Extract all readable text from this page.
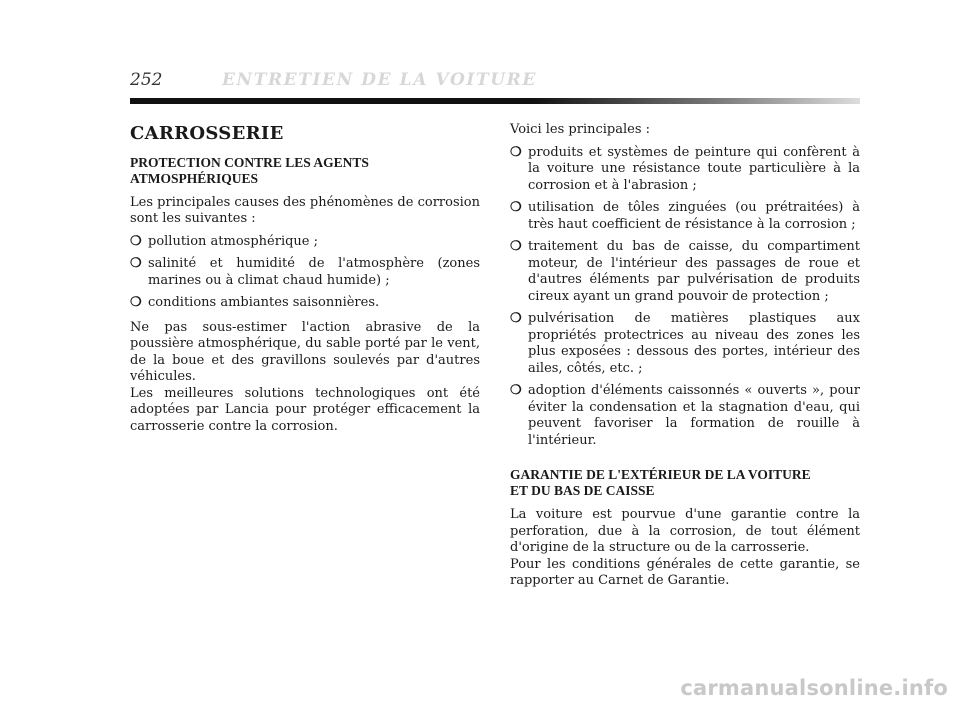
252	ENTRETIEN DE LA VOITURE
CARROSSERIE
PROTECTION CONTRE LES AGENTS
ATMOSPHÉRIQUES

Les principales causes des phénomènes de corrosion sont les suivantes :

❍ pollution atmosphérique ;
❍ salinité et humidité de l'atmosphère (zones marines ou à climat chaud humide) ;
❍ conditions ambiantes saisonnières.

Ne pas sous-estimer l'action abrasive de la poussière atmosphérique, du sable porté par le vent, de la boue et des gravillons soulevés par d'autres véhicules.

Les meilleures solutions technologiques ont été adoptées par Lancia pour protéger efficacement la carrosserie contre la corrosion.

Voici les principales :

❍ produits et systèmes de peinture qui confèrent à la voiture une résistance toute particulière à la corrosion et à l'abrasion ;
❍ utilisation de tôles zinguées (ou prétraitées) à très haut coefficient de résistance à la corrosion ;
❍ traitement du bas de caisse, du compartiment moteur, de l'intérieur des passages de roue et d'autres éléments par pulvérisation de produits cireux ayant un grand pouvoir de protection ;
❍ pulvérisation de matières plastiques aux propriétés protectrices au niveau des zones les plus exposées : dessous des portes, intérieur des ailes, côtés, etc. ;
❍ adoption d'éléments caissonnés « ouverts », pour éviter la condensation et la stagnation d'eau, qui peuvent favoriser la formation de rouille à l'intérieur.
GARANTIE DE L'EXTÉRIEUR DE LA VOITURE
ET DU BAS DE CAISSE

La voiture est pourvue d'une garantie contre la perforation, due à la corrosion, de tout élément d'origine de la structure ou de la carrosserie.

Pour les conditions générales de cette garantie, se rapporter au Carnet de Garantie.

carmanualsonline.info
